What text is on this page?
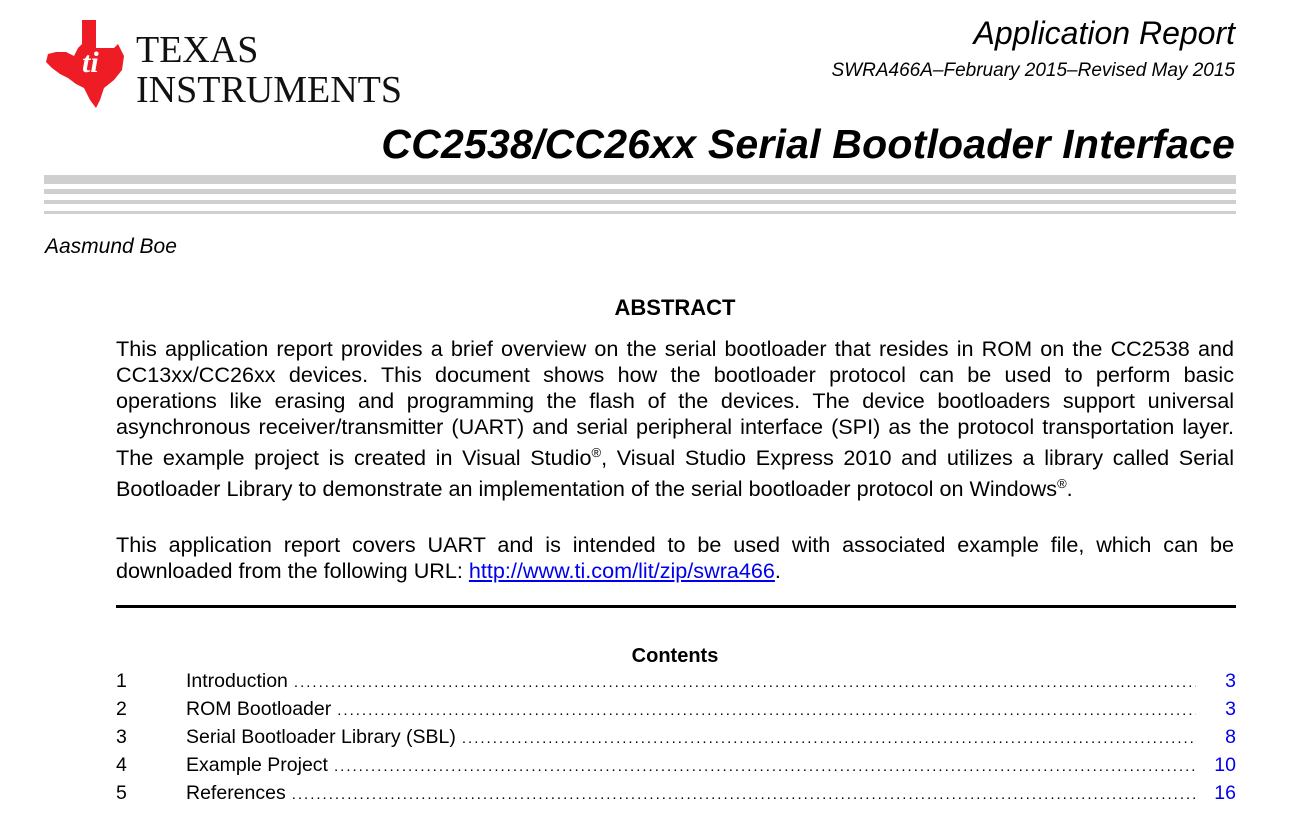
ti TEXAS
INSTRUMENTS
Application Report
SWRA466A–February 2015–Revised May 2015
CC2538/CC26xx Serial Bootloader Interface
Aasmund Boe
ABSTRACT

This application report provides a brief overview on the serial bootloader that resides in ROM on the CC2538 and CC13xx/CC26xx devices. This document shows how the bootloader protocol can be used to perform basic operations like erasing and programming the flash of the devices. The device bootloaders support universal asynchronous receiver/transmitter (UART) and serial peripheral interface (SPI) as the protocol transportation layer. The example project is created in Visual Studio®, Visual Studio Express 2010 and utilizes a library called Serial Bootloader Library to demonstrate an implementation of the serial bootloader protocol on Windows®.

This application report covers UART and is intended to be used with associated example file, which can be downloaded from the following URL: http://www.ti.com/lit/zip/swra466.

Contents
1	Introduction .....	3
2	ROM Bootloader .....	3
3	Serial Bootloader Library (SBL) .....	8
4	Example Project .....	10
5	References .....	16
